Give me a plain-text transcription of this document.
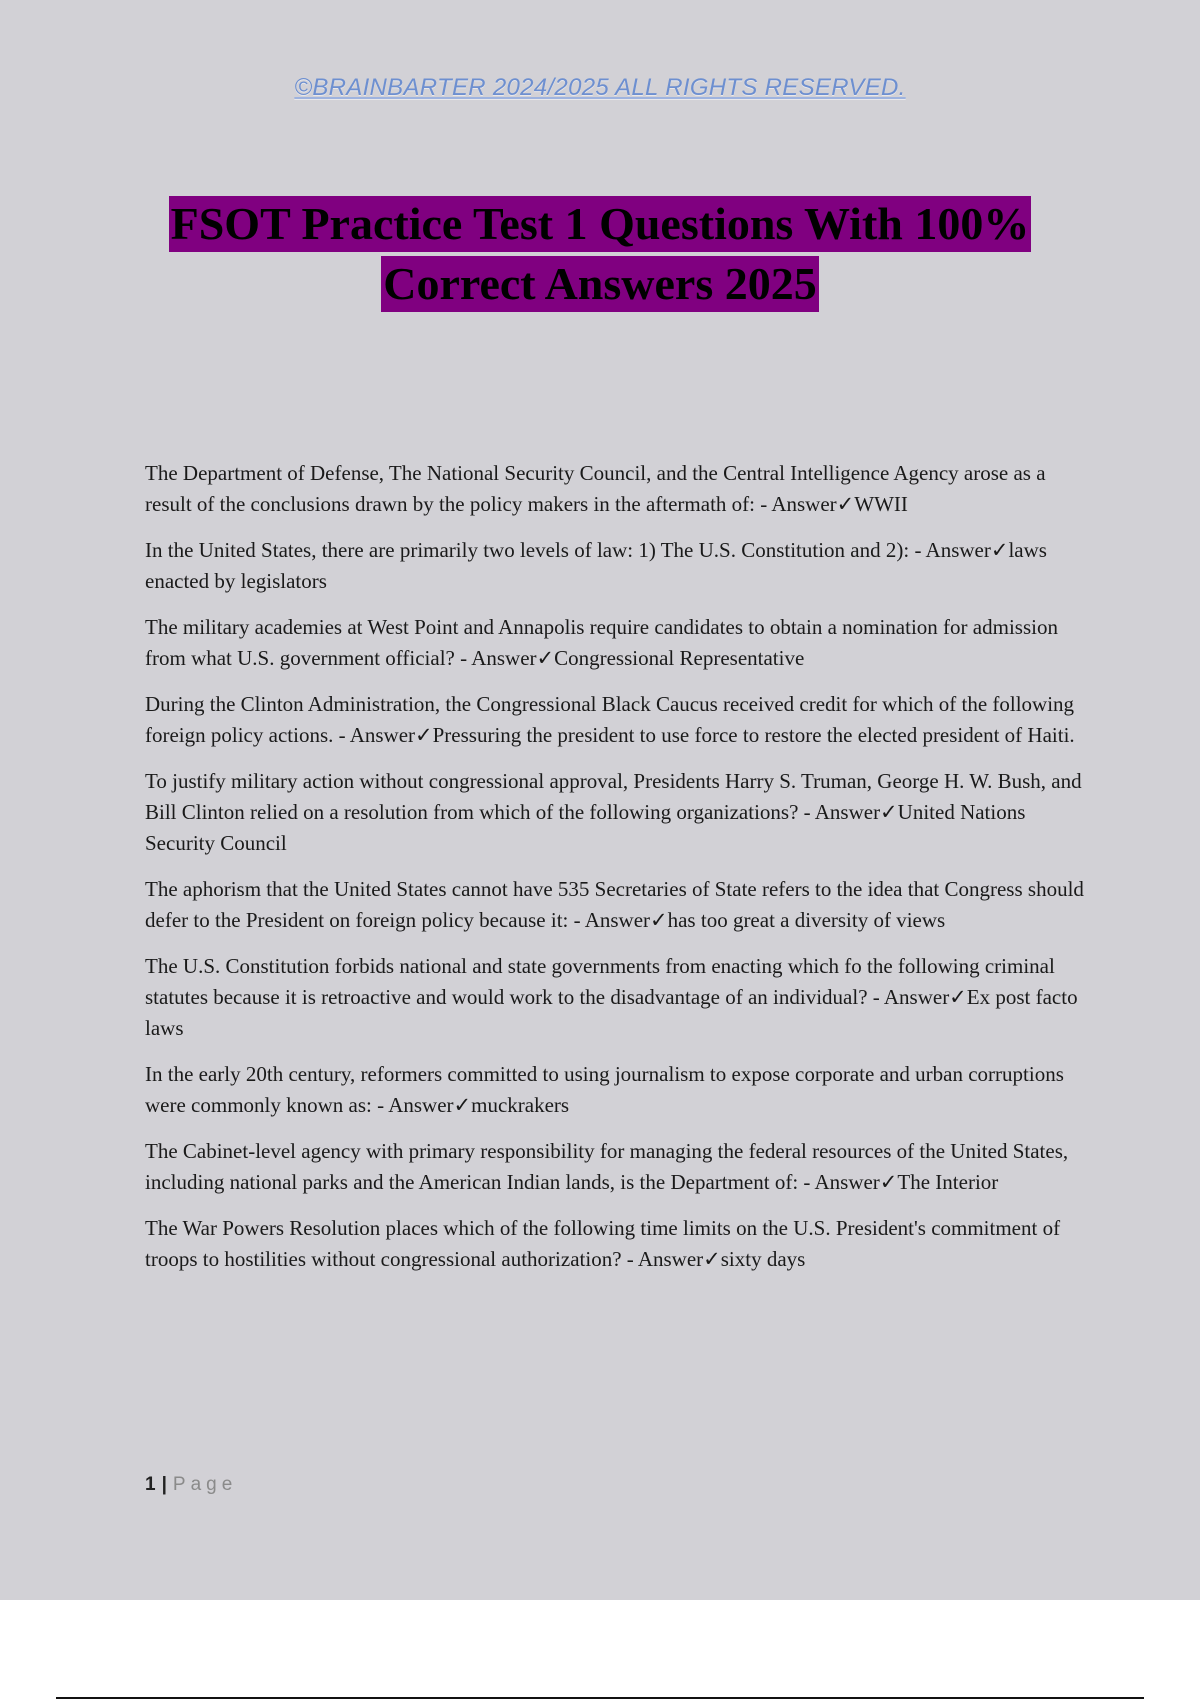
©BRAINBARTER 2024/2025 ALL RIGHTS RESERVED.
FSOT Practice Test 1 Questions With 100%
Correct Answers 2025

The Department of Defense, The National Security Council, and the Central Intelligence Agency arose as a result of the conclusions drawn by the policy makers in the aftermath of: - Answer✓WWII

In the United States, there are primarily two levels of law: 1) The U.S. Constitution and 2): - Answer✓laws enacted by legislators

The military academies at West Point and Annapolis require candidates to obtain a nomination for admission from what U.S. government official? - Answer✓Congressional Representative

During the Clinton Administration, the Congressional Black Caucus received credit for which of the following foreign policy actions. - Answer✓Pressuring the president to use force to restore the elected president of Haiti.

To justify military action without congressional approval, Presidents Harry S. Truman, George H. W. Bush, and Bill Clinton relied on a resolution from which of the following organizations? - Answer✓United Nations Security Council

The aphorism that the United States cannot have 535 Secretaries of State refers to the idea that Congress should defer to the President on foreign policy because it: - Answer✓has too great a diversity of views

The U.S. Constitution forbids national and state governments from enacting which fo the following criminal statutes because it is retroactive and would work to the disadvantage of an individual? - Answer✓Ex post facto laws

In the early 20th century, reformers committed to using journalism to expose corporate and urban corruptions were commonly known as: - Answer✓muckrakers

The Cabinet-level agency with primary responsibility for managing the federal resources of the United States, including national parks and the American Indian lands, is the Department of: - Answer✓The Interior

The War Powers Resolution places which of the following time limits on the U.S. President's commitment of troops to hostilities without congressional authorization? - Answer✓sixty days

1 | Page
